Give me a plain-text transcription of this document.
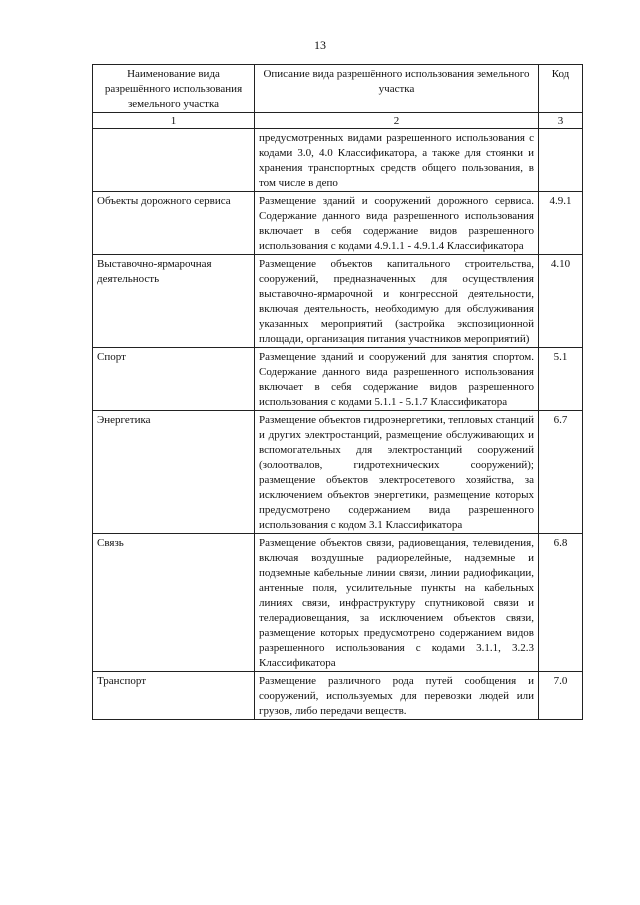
13
Наименование вида разрешённого использования земельного участка	Описание вида разрешённого использования земельного участка	Код
1	2	3
	предусмотренных видами разрешенного использования с кодами 3.0, 4.0 Классификатора, а также для стоянки и хранения транспортных средств общего пользования, в том числе в депо	
Объекты дорожного сервиса	Размещение зданий и сооружений дорожного сервиса. Содержание данного вида разрешенного использования включает в себя содержание видов разрешенного использования с кодами 4.9.1.1 - 4.9.1.4 Классификатора	4.9.1
Выставочно-ярмарочная деятельность	Размещение объектов капитального строительства, сооружений, предназначенных для осуществления выставочно-ярмарочной и конгрессной деятельности, включая деятельность, необходимую для обслуживания указанных мероприятий (застройка экспозиционной площади, организация питания участников мероприятий)	4.10
Спорт	Размещение зданий и сооружений для занятия спортом. Содержание данного вида разрешенного использования включает в себя содержание видов разрешенного использования с кодами 5.1.1 - 5.1.7 Классификатора	5.1
Энергетика	Размещение объектов гидроэнергетики, тепловых станций и других электростанций, размещение обслуживающих и вспомогательных для электростанций сооружений (золоотвалов, гидротехнических сооружений); размещение объектов электросетевого хозяйства, за исключением объектов энергетики, размещение которых предусмотрено содержанием вида разрешенного использования с кодом 3.1 Классификатора	6.7
Связь	Размещение объектов связи, радиовещания, телевидения, включая воздушные радиорелейные, надземные и подземные кабельные линии связи, линии радиофикации, антенные поля, усилительные пункты на кабельных линиях связи, инфраструктуру спутниковой связи и телерадиовещания, за исключением объектов связи, размещение которых предусмотрено содержанием видов разрешенного использования с кодами 3.1.1, 3.2.3 Классификатора	6.8
Транспорт	Размещение различного рода путей сообщения и сооружений, используемых для перевозки людей или грузов, либо передачи веществ.	7.0
